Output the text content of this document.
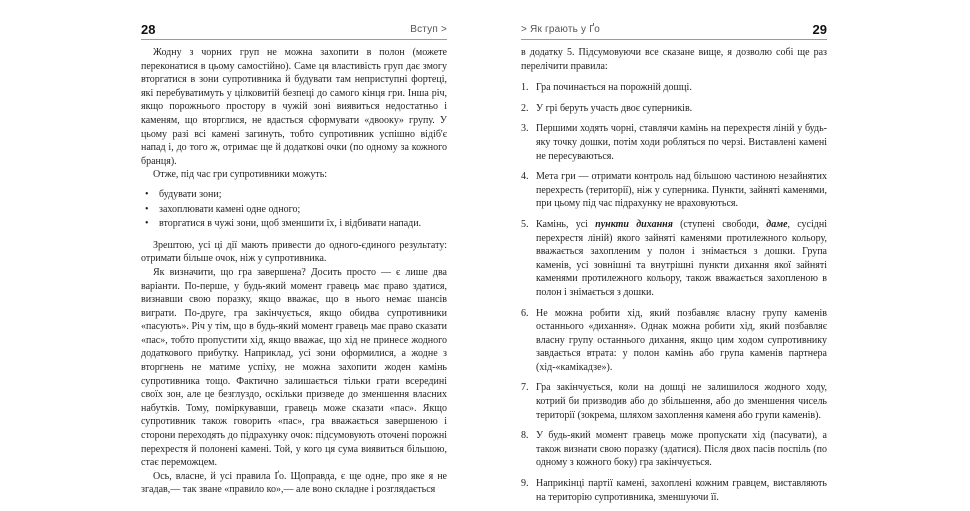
28	Вступ >

Жодну з чорних груп не можна захопити в полон (можете переконатися в цьому самостійно). Саме ця властивість груп дає змогу вторгатися в зони супротивника й будувати там неприступні фортеці, які перебуватимуть у цілковитій безпеці до самого кінця гри. Інша річ, якщо порожнього простору в чужій зоні виявиться недостатньо і каменям, що вторглися, не вдасться сформувати «двоокy» групу. У цьому разі всі камені загинуть, тобто супротивник успішно відіб'є напад і, до того ж, отримає ще й додаткові очки (по одному за кожного бранця).

Отже, під час гри супротивники можуть:

• будувати зони;
• захоплювати камені одне одного;
• вторгатися в чужі зони, щоб зменшити їх, і відбивати напади.

Зрештою, усі ці дії мають привести до одного-єдиного результату: отримати більше очок, ніж у супротивника.

Як визначити, що гра завершена? Досить просто — є лише два варіанти. По-перше, у будь-який момент гравець має право здатися, визнавши свою поразку, якщо вважає, що в нього немає шансів виграти. По-друге, гра закінчується, якщо обидва супротивники «пасують». Річ у тім, що в будь-який момент гравець має право сказати «пас», тобто пропустити хід, якщо вважає, що хід не принесе жодного додаткового прибутку. Наприклад, усі зони оформилися, а жодне з вторгнень не матиме успіху, не можна захопити жоден камінь супротивника тощо. Фактично залишається тільки грати всередині своїх зон, але це безглуздо, оскільки призведе до зменшення власних набутків. Тому, поміркувавши, гравець може сказати «пас». Якщо супротивник також говорить «пас», гра вважається завершеною і сторони переходять до підрахунку очок: підсумовують оточені порожні перехрестя й полонені камені. Той, у кого ця сума виявиться більшою, стає переможцем.

Ось, власне, й усі правила Ґо. Щоправда, є ще одне, про яке я не згадав,— так зване «правило ко»,— але воно складне і розглядається

> Як грають у Ґо	29

в додатку 5. Підсумовуючи все сказане вище, я дозволю собі ще раз перелічити правила:

1. Гра починається на порожній дошці.
2. У грі беруть участь двоє суперників.
3. Першими ходять чорні, ставлячи камінь на перехрестя ліній у будь-яку точку дошки, потім ходи робляться по черзі. Виставлені камені не пересуваються.
4. Мета гри — отримати контроль над більшою частиною незайнятих перехресть (території), ніж у суперника. Пункти, зайняті каменями, при цьому під час підрахунку не враховуються.
5. Камінь, усі пункти дихання (ступені свободи, даме, сусідні перехрестя ліній) якого зайняті каменями протилежного кольору, вважається захопленим у полон і знімається з дошки. Група каменів, усі зовнішні та внутрішні пункти дихання якої зайняті каменями протилежного кольору, також вважається захопленою в полон і знімається з дошки.
6. Не можна робити хід, який позбавляє власну групу каменів останнього «дихання». Однак можна робити хід, який позбавляє власну групу останнього дихання, якщо цим ходом супротивнику завдається втрата: у полон камінь або група каменів партнера (хід-«камікадзе»).
7. Гра закінчується, коли на дошці не залишилося жодного ходу, котрий би призводив або до збільшення, або до зменшення чисель території (зокрема, шляхом захоплення каменя або групи каменів).
8. У будь-який момент гравець може пропускати хід (пасувати), а також визнати свою поразку (здатися). Після двох пасів поспіль (по одному з кожного боку) гра закінчується.
9. Наприкінці партії камені, захоплені кожним гравцем, виставляють на територію супротивника, зменшуючи її.
